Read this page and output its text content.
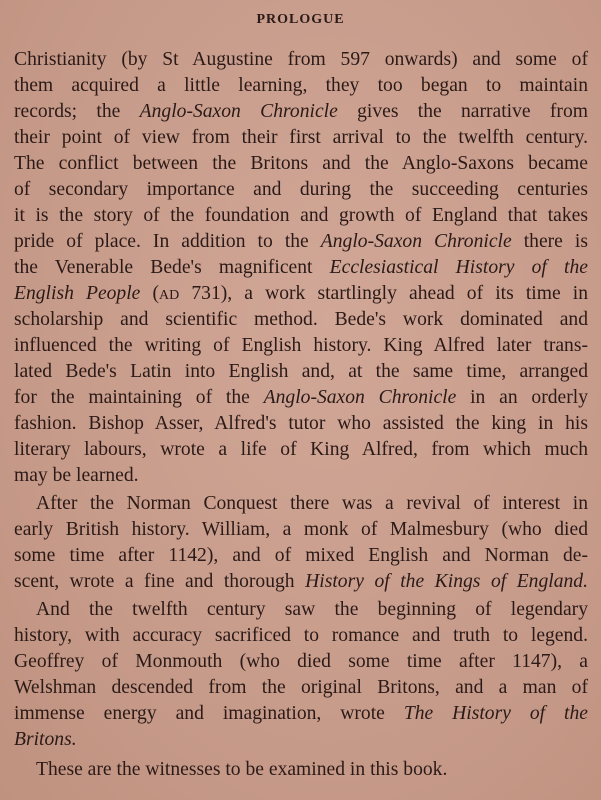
PROLOGUE
Christianity (by St Augustine from 597 onwards) and some of
them acquired a little learning, they too began to maintain
records; the Anglo-Saxon Chronicle gives the narrative from
their point of view from their first arrival to the twelfth century.
The conflict between the Britons and the Anglo-Saxons became
of secondary importance and during the succeeding centuries
it is the story of the foundation and growth of England that takes
pride of place. In addition to the Anglo-Saxon Chronicle there is
the Venerable Bede's magnificent Ecclesiastical History of the
English People (ad 731), a work startlingly ahead of its time in
scholarship and scientific method. Bede's work dominated and
influenced the writing of English history. King Alfred later trans-
lated Bede's Latin into English and, at the same time, arranged
for the maintaining of the Anglo-Saxon Chronicle in an orderly
fashion. Bishop Asser, Alfred's tutor who assisted the king in his
literary labours, wrote a life of King Alfred, from which much
may be learned.
After the Norman Conquest there was a revival of interest in
early British history. William, a monk of Malmesbury (who died
some time after 1142), and of mixed English and Norman de-
scent, wrote a fine and thorough History of the Kings of England.
And the twelfth century saw the beginning of legendary
history, with accuracy sacrificed to romance and truth to legend.
Geoffrey of Monmouth (who died some time after 1147), a
Welshman descended from the original Britons, and a man of
immense energy and imagination, wrote The History of the
Britons.
These are the witnesses to be examined in this book.
